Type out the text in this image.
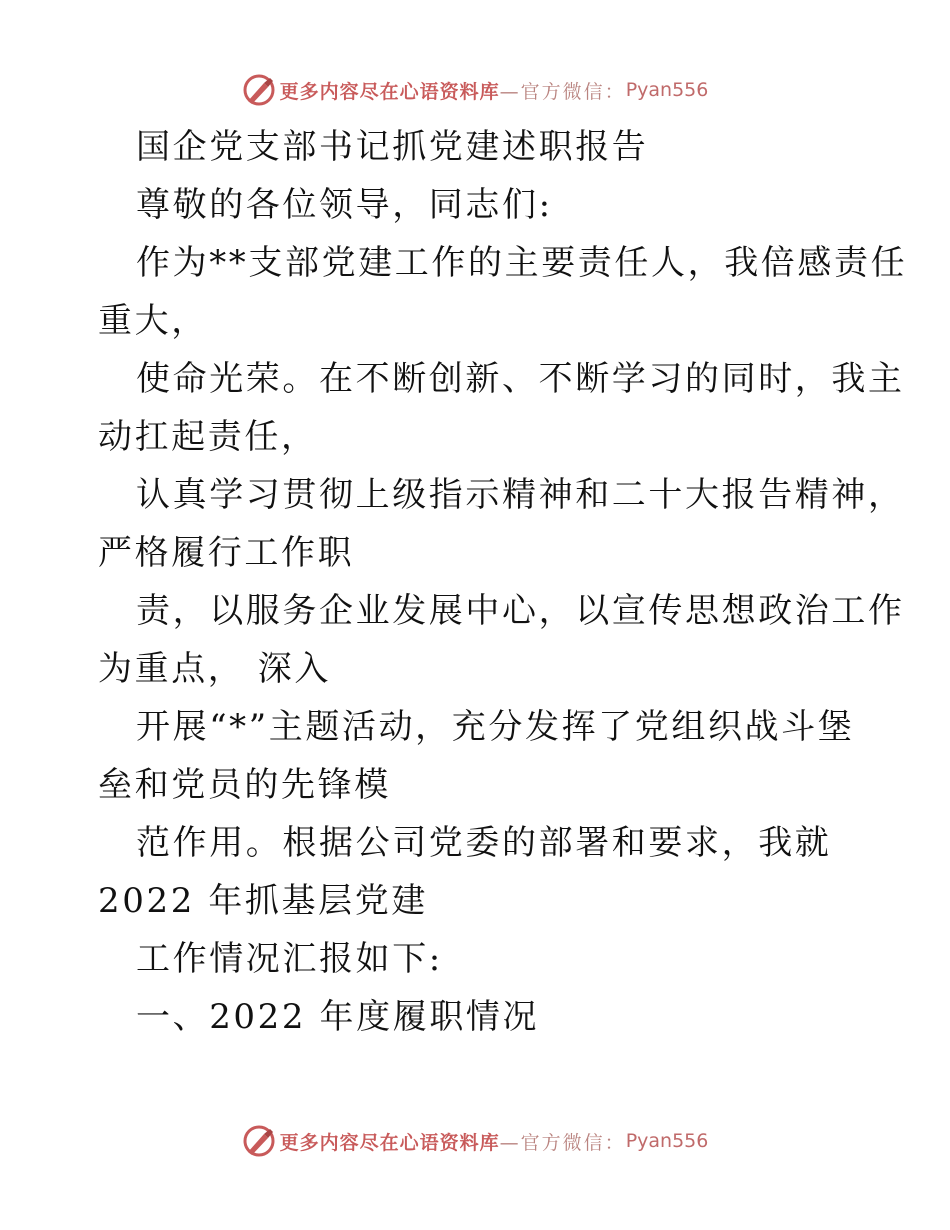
更多内容尽在心语资料库 —官方微信： Pyan556
国企党支部书记抓党建述职报告
尊敬的各位领导，同志们:
作为**支部党建工作的主要责任人，我倍感责任
重大，
使命光荣。在不断创新、不断学习的同时，我主
动扛起责任，
认真学习贯彻上级指示精神和二十大报告精神，
严格履行工作职
责，以服务企业发展中心，以宣传思想政治工作
为重点， 深入
开展“*”主题活动，充分发挥了党组织战斗堡
垒和党员的先锋模
范作用。根据公司党委的部署和要求，我就
2022 年抓基层党建
工作情况汇报如下:
一、2022 年度履职情况
更多内容尽在心语资料库 —官方微信： Pyan556
